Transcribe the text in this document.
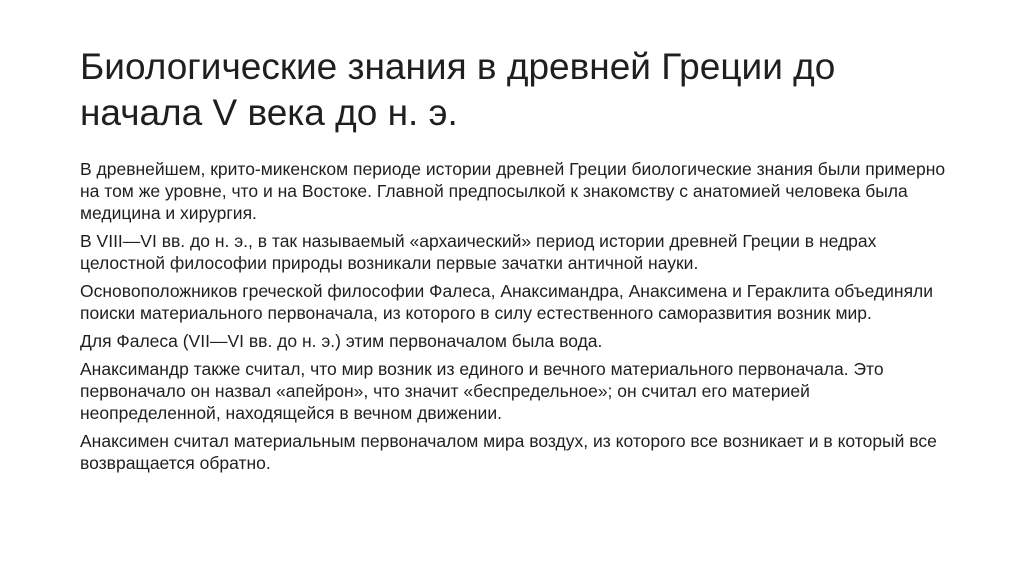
Биологические знания в древней Греции до начала V века до н. э.

В древнейшем, крито-микенском периоде истории древней Греции биологические знания были примерно на том же уровне, что и на Востоке. Главной предпосылкой к знакомству с анатомией человека была медицина и хирургия.

В VIII—VI вв. до н. э., в так называемый «архаический» период истории древней Греции в недрах целостной философии природы возникали первые зачатки античной науки.

Основоположников греческой философии Фалеса, Анаксимандра, Анаксимена и Гераклита объединяли поиски материального первоначала, из которого в силу естественного саморазвития возник мир.

Для Фалеса (VII—VI вв. до н. э.) этим первоначалом была вода.

Анаксимандр также считал, что мир возник из единого и вечного материального первоначала. Это первоначало он назвал «апейрон», что значит «беспредельное»; он считал его материей неопределенной, находящейся в вечном движении.

Анаксимен считал материальным первоначалом мира воздух, из которого все возникает и в который все возвращается обратно.
